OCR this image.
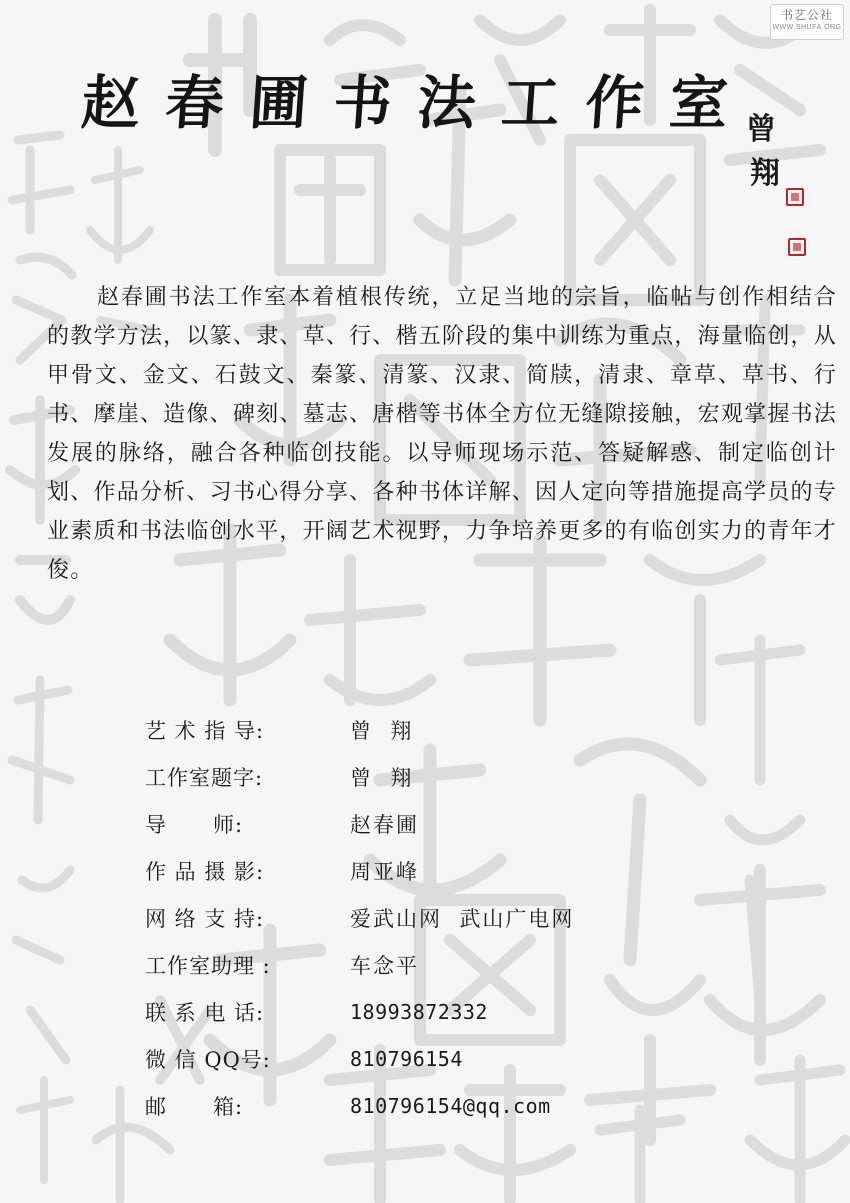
书艺公社
WWW.SHUFA.ORG
赵春圃书法工作室
曾
翔

赵春圃书法工作室本着植根传统，立足当地的宗旨，临帖与创作相结合的教学方法，以篆、隶、草、行、楷五阶段的集中训练为重点，海量临创，从甲骨文、金文、石鼓文、秦篆、清篆、汉隶、简牍，清隶、章草、草书、行书、摩崖、造像、碑刻、墓志、唐楷等书体全方位无缝隙接触，宏观掌握书法发展的脉络，融合各种临创技能。以导师现场示范、答疑解惑、制定临创计划、作品分析、习书心得分享、各种书体详解、因人定向等措施提高学员的专业素质和书法临创水平，开阔艺术视野，力争培养更多的有临创实力的青年才俊。

艺 术 指 导:	曾  翔
工作室题字:	曾  翔
导      师:	赵春圃
作 品 摄 影:	周亚峰
网 络 支 持:	爱武山网  武山广电网
工作室助理 :	车念平
联 系 电 话:	18993872332
微 信 QQ号:	810796154
邮      箱:	810796154@qq.com
